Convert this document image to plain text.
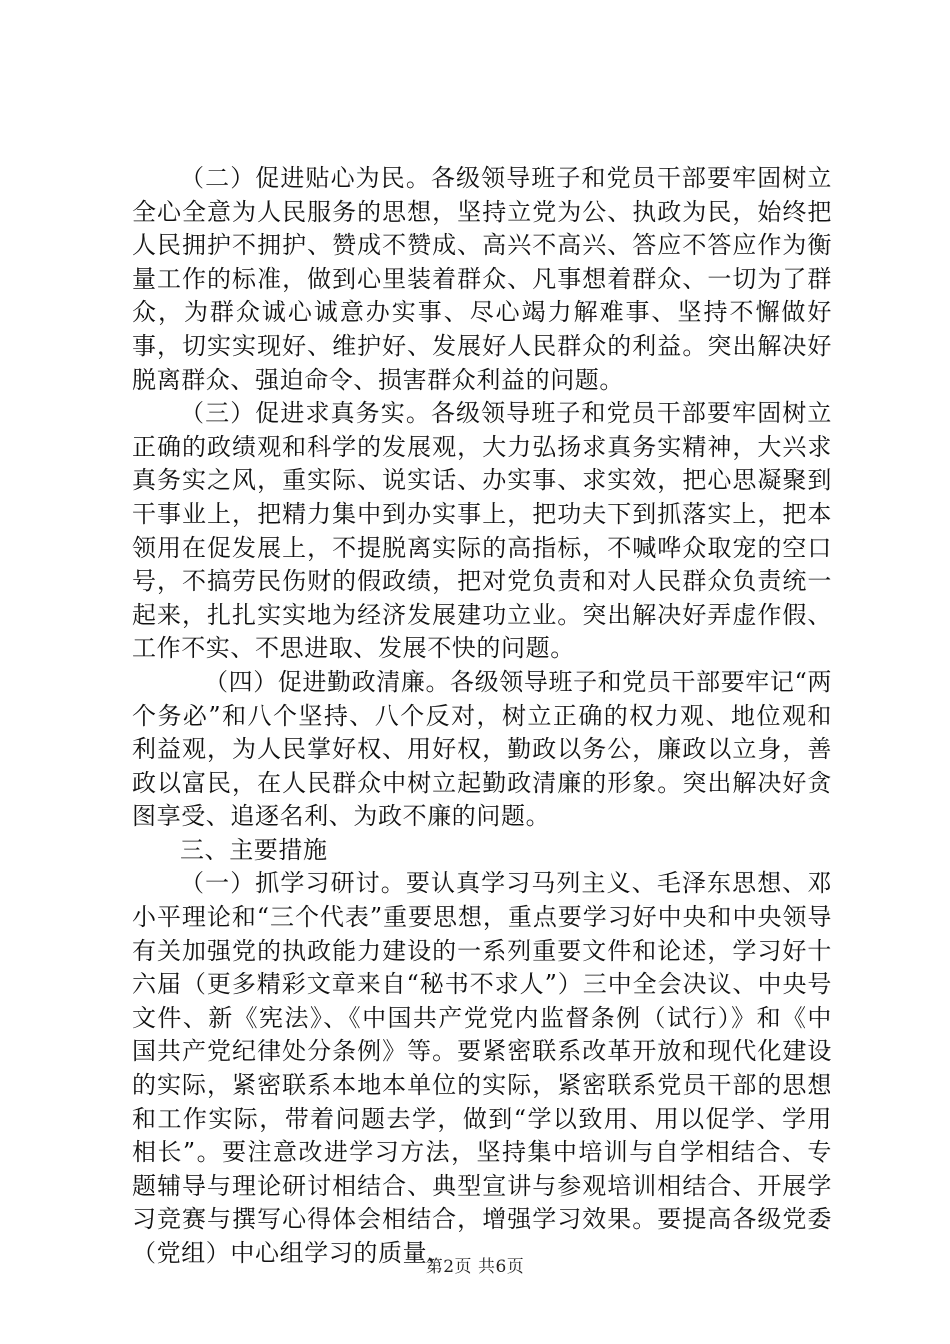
（二）促进贴心为民。各级领导班子和党员干部要牢固树立全心全意为人民服务的思想，坚持立党为公、执政为民，始终把人民拥护不拥护、赞成不赞成、高兴不高兴、答应不答应作为衡量工作的标准，做到心里装着群众、凡事想着群众、一切为了群众，为群众诚心诚意办实事、尽心竭力解难事、坚持不懈做好事，切实实现好、维护好、发展好人民群众的利益。突出解决好脱离群众、强迫命令、损害群众利益的问题。

（三）促进求真务实。各级领导班子和党员干部要牢固树立正确的政绩观和科学的发展观，大力弘扬求真务实精神，大兴求真务实之风，重实际、说实话、办实事、求实效，把心思凝聚到干事业上，把精力集中到办实事上，把功夫下到抓落实上，把本领用在促发展上，不提脱离实际的高指标，不喊哗众取宠的空口号，不搞劳民伤财的假政绩，把对党负责和对人民群众负责统一起来，扎扎实实地为经济发展建功立业。突出解决好弄虚作假、工作不实、不思进取、发展不快的问题。

（四）促进勤政清廉。各级领导班子和党员干部要牢记“两个务必”和八个坚持、八个反对，树立正确的权力观、地位观和利益观，为人民掌好权、用好权，勤政以务公，廉政以立身，善政以富民，在人民群众中树立起勤政清廉的形象。突出解决好贪图享受、追逐名利、为政不廉的问题。

三、主要措施

（一）抓学习研讨。要认真学习马列主义、毛泽东思想、邓小平理论和“三个代表”重要思想，重点要学习好中央和中央领导有关加强党的执政能力建设的一系列重要文件和论述，学习好十六届（更多精彩文章来自“秘书不求人”）三中全会决议、中央号文件、新《宪法》、《中国共产党党内监督条例（试行）》和《中国共产党纪律处分条例》等。要紧密联系改革开放和现代化建设的实际，紧密联系本地本单位的实际，紧密联系党员干部的思想和工作实际，带着问题去学，做到“学以致用、用以促学、学用相长”。要注意改进学习方法，坚持集中培训与自学相结合、专题辅导与理论研讨相结合、典型宣讲与参观培训相结合、开展学习竞赛与撰写心得体会相结合，增强学习效果。要提高各级党委（党组）中心组学习的质量，

第2页 共6页
